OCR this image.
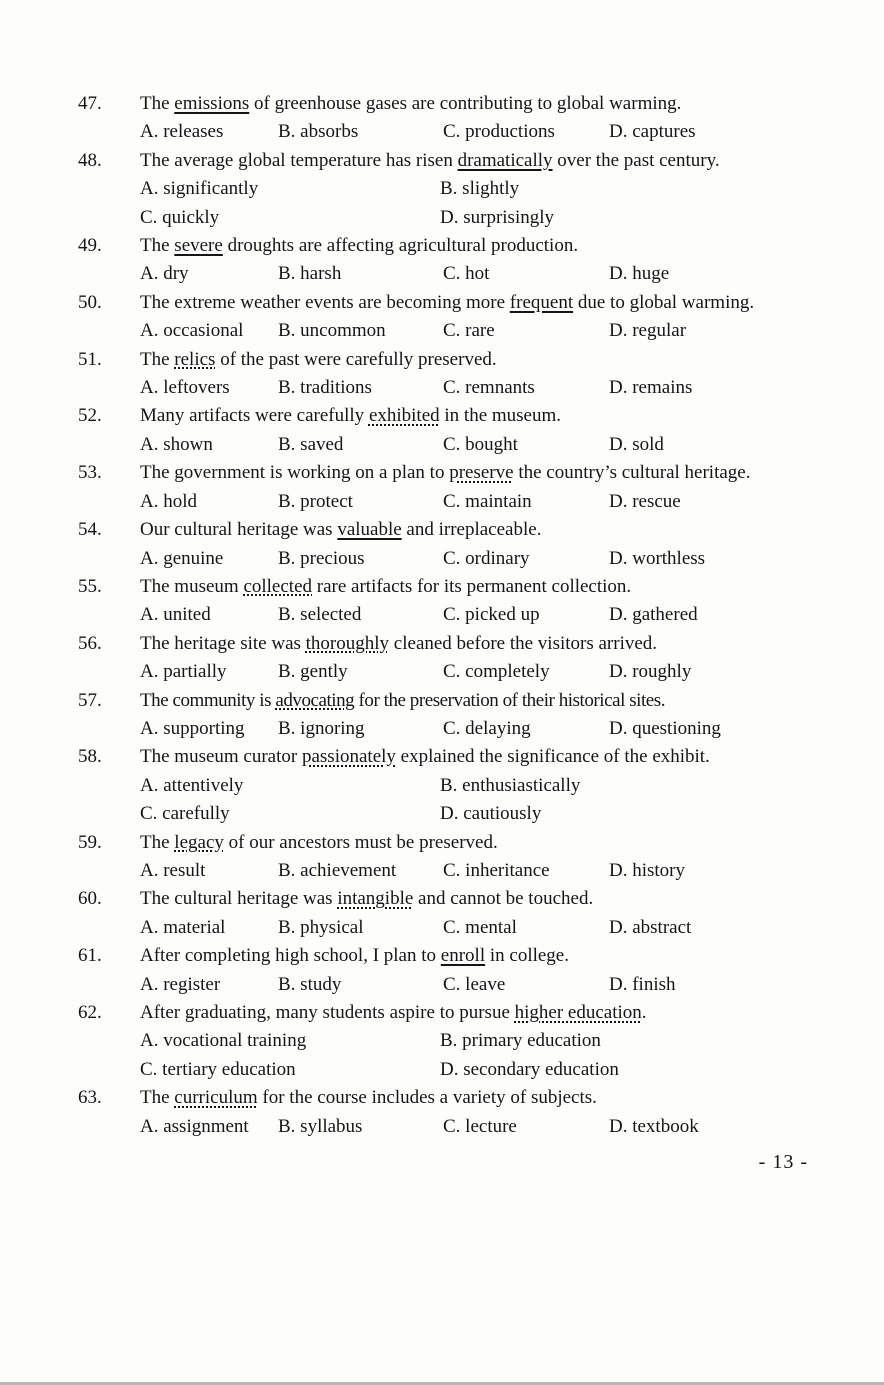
47.	The emissions of greenhouse gases are contributing to global warming.
A. releases	B. absorbs	C. productions	D. captures
48.	The average global temperature has risen dramatically over the past century.
A. significantly	B. slightly
C. quickly	D. surprisingly
49.	The severe droughts are affecting agricultural production.
A. dry	B. harsh	C. hot	D. huge
50.	The extreme weather events are becoming more frequent due to global warming.
A. occasional	B. uncommon	C. rare	D. regular
51.	The relics of the past were carefully preserved.
A. leftovers	B. traditions	C. remnants	D. remains
52.	Many artifacts were carefully exhibited in the museum.
A. shown	B. saved	C. bought	D. sold
53.	The government is working on a plan to preserve the country’s cultural heritage.
A. hold	B. protect	C. maintain	D. rescue
54.	Our cultural heritage was valuable and irreplaceable.
A. genuine	B. precious	C. ordinary	D. worthless
55.	The museum collected rare artifacts for its permanent collection.
A. united	B. selected	C. picked up	D. gathered
56.	The heritage site was thoroughly cleaned before the visitors arrived.
A. partially	B. gently	C. completely	D. roughly
57.	The community is advocating for the preservation of their historical sites.
A. supporting	B. ignoring	C. delaying	D. questioning
58.	The museum curator passionately explained the significance of the exhibit.
A. attentively	B. enthusiastically
C. carefully	D. cautiously
59.	The legacy of our ancestors must be preserved.
A. result	B. achievement	C. inheritance	D. history
60.	The cultural heritage was intangible and cannot be touched.
A. material	B. physical	C. mental	D. abstract
61.	After completing high school, I plan to enroll in college.
A. register	B. study	C. leave	D. finish
62.	After graduating, many students aspire to pursue higher education.
A. vocational training	B. primary education
C. tertiary education	D. secondary education
63.	The curriculum for the course includes a variety of subjects.
A. assignment	B. syllabus	C. lecture	D. textbook
- 13 -
